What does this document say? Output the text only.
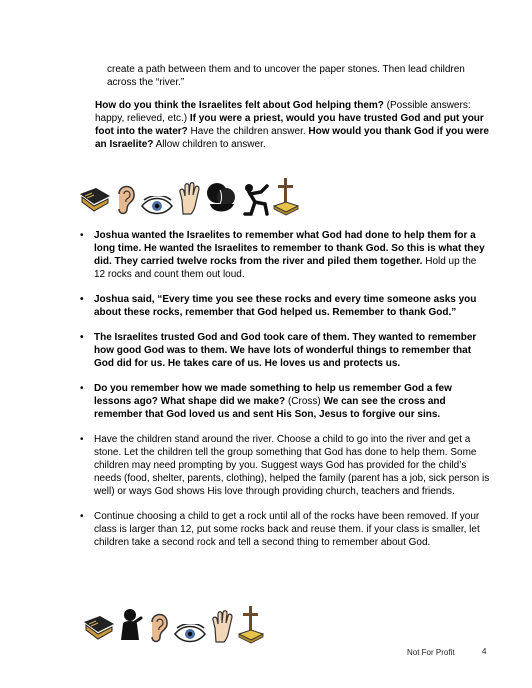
create a path between them and to uncover the paper stones. Then lead children across the “river.”

How do you think the Israelites felt about God helping them? (Possible answers: happy, relieved, etc.) If you were a priest, would you have trusted God and put your foot into the water? Have the children answer. How would you thank God if you were an Israelite? Allow children to answer.

• Joshua wanted the Israelites to remember what God had done to help them for a long time. He wanted the Israelites to remember to thank God. So this is what they did. They carried twelve rocks from the river and piled them together. Hold up the 12 rocks and count them out loud.
• Joshua said, “Every time you see these rocks and every time someone asks you about these rocks, remember that God helped us. Remember to thank God.”
• The Israelites trusted God and God took care of them. They wanted to remember how good God was to them. We have lots of wonderful things to remember that God did for us. He takes care of us. He loves us and protects us.
• Do you remember how we made something to help us remember God a few lessons ago? What shape did we make? (Cross) We can see the cross and remember that God loved us and sent His Son, Jesus to forgive our sins.
• Have the children stand around the river. Choose a child to go into the river and get a stone. Let the children tell the group something that God has done to help them. Some children may need prompting by you. Suggest ways God has provided for the child’s needs (food, shelter, parents, clothing), helped the family (parent has a job, sick person is well) or ways God shows His love through providing church, teachers and friends.
• Continue choosing a child to get a rock until all of the rocks have been removed. If your class is larger than 12, put some rocks back and reuse them. if your class is smaller, let children take a second rock and tell a second thing to remember about God.
Not For Profit	4
